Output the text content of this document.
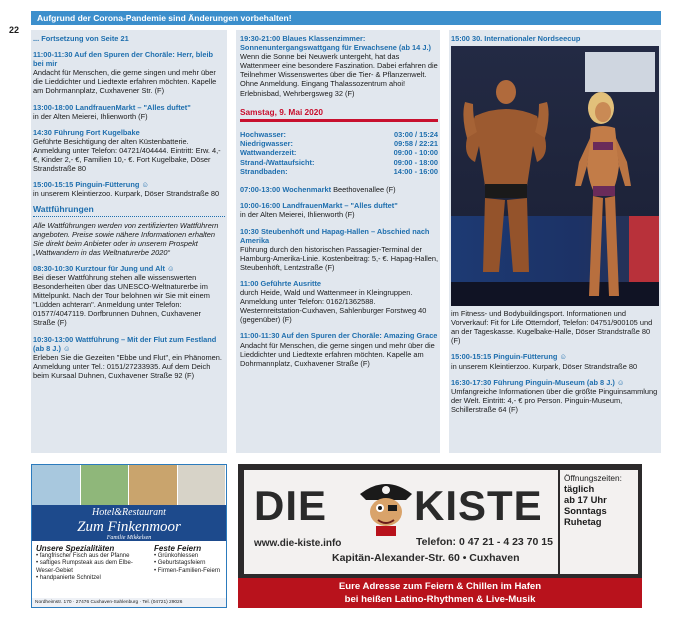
22
Aufgrund der Corona-Pandemie sind Änderungen vorbehalten!
... Fortsetzung von Seite 21
11:00-11:30 Auf den Spuren der Choräle: Herr, bleib bei mir
Andacht für Menschen, die gerne singen und mehr über die Lieddichter und Liedtexte erfahren möchten. Kapelle am Dohrmannplatz, Cuxhavener Str. (F)
13:00-18:00 LandfrauenMarkt – "Alles duftet"
in der Alten Meierei, Ihlienworth (F)
14:30 Führung Fort Kugelbake
Geführte Besichtigung der alten Küstenbatterie. Anmeldung unter Telefon: 04721/404444. Eintritt: Erw. 4,- €, Kinder 2,- €, Familien 10,- €. Fort Kugelbake, Döser Strandstraße 80
15:00-15:15 Pinguin-Fütterung ☺
in unserem Kleintierzoo. Kurpark, Döser Strandstraße 80
Wattführungen
Alle Wattführungen werden von zertifizierten Wattführern angeboten. Preise sowie nähere Informationen erhalten Sie direkt beim Anbieter oder in unserem Prospekt „Wattwandern in das Weltnaturerbe 2020“
08:30-10:30 Kurztour für Jung und Alt ☺
Bei dieser Wattführung stehen alle wissenswerten Besonderheiten über das UNESCO-Weltnaturerbe im Mittelpunkt. Nach der Tour belohnen wir Sie mit einem "Lüdden achteran". Anmeldung unter Telefon: 01577/4047119. Dorfbrunnen Duhnen, Cuxhavener Straße (F)
10:30-13:00 Wattführung – Mit der Flut zum Festland (ab 8 J.) ☺
Erleben Sie die Gezeiten "Ebbe und Flut", ein Phänomen. Anmeldung unter Tel.: 0151/27233935. Auf dem Deich beim Kursaal Duhnen, Cuxhavener Straße 92 (F)
19:30-21:00 Blaues Klassenzimmer: Sonnenuntergangswattgang für Erwachsene (ab 14 J.)
Wenn die Sonne bei Neuwerk untergeht, hat das Wattenmeer eine besondere Faszination. Dabei erfahren die Teilnehmer Wissenswertes über die Tier- & Pflanzenwelt. Ohne Anmeldung. Eingang Thalassozentrum ahoi! Erlebnisbad, Wehrbergsweg 32 (F)
Samstag, 9. Mai 2020
Hochwasser:	03:00 / 15:24
Niedrigwasser:	09:58 / 22:21
Wattwanderzeit:	09:00 - 10:00
Strand-/Wattaufsicht:	09:00 - 18:00
Strandbaden:	14:00 - 16:00
07:00-13:00 Wochenmarkt Beethovenallee (F)
10:00-16:00 LandfrauenMarkt – "Alles duftet"
in der Alten Meierei, Ihlienworth (F)
10:30 Steubenhöft und Hapag-Hallen – Abschied nach Amerika
Führung durch den historischen Passagier-Terminal der Hamburg-Amerika-Linie. Kostenbeitrag: 5,- €. Hapag-Hallen, Steubenhöft, Lentzstraße (F)
11:00 Geführte Ausritte
durch Heide, Wald und Wattenmeer in Kleingruppen. Anmeldung unter Telefon: 0162/1362588. Westernreitstation-Cuxhaven, Sahlenburger Forstweg 40 (gegenüber) (F)
11:00-11:30 Auf den Spuren der Choräle: Amazing Grace
Andacht für Menschen, die gerne singen und mehr über die Lieddichter und Liedtexte erfahren möchten. Kapelle am Dohrmannplatz, Cuxhavener Straße (F)
15:00 30. Internationaler Nordseecup
im Fitness- und Bodybuildingsport. Informationen und Vorverkauf: Fit for Life Otterndorf, Telefon: 04751/900105 und an der Tageskasse. Kugelbake-Halle, Döser Strandstraße 80 (F)
15:00-15:15 Pinguin-Fütterung ☺
in unserem Kleintierzoo. Kurpark, Döser Strandstraße 80
16:30-17:30 Führung Pinguin-Museum (ab 8 J.) ☺
Umfangreiche Informationen über die größte Pinguinsammlung der Welt. Eintritt: 4,- € pro Person. Pinguin-Museum, Schillerstraße 64 (F)
Hotel&Restaurant
Zum Finkenmoor
Familie Mikkelsen
Unsere Spezialitäten
• fangfrischer Fisch aus der Pfanne
• saftiges Rumpsteak aus dem Elbe-Weser-Gebiet
• handpanierte Schnitzel
Feste Feiern
• Grünkohlessen
• Geburtstagsfeiern
• Firmen-Familien-Feiern
Nordheimstr. 170 · 27476 Cuxhaven-Sahlenburg · Tel. (04721) 29026
DIE KISTE
www.die-kiste.info	Telefon: 0 47 21 - 4 23 70 15
Kapitän-Alexander-Str. 60 • Cuxhaven
Öffnungszeiten:
täglich
ab 17 Uhr
Sonntags
Ruhetag
Eure Adresse zum Feiern & Chillen im Hafen
bei heißen Latino-Rhythmen & Live-Musik
